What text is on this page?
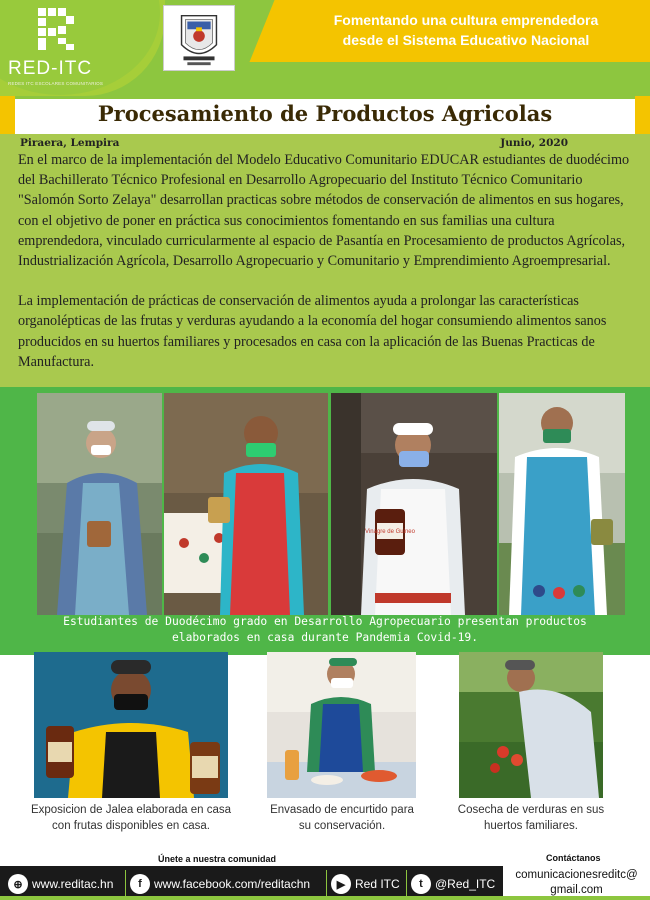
RED-ITC
REDES ITC ESCOLARES COMUNITARIOS
Fomentando una cultura emprendedora
desde el Sistema Educativo Nacional
Procesamiento de Productos Agricolas
Piraera, Lempira	Junio, 2020

En el marco de la implementación del Modelo Educativo Comunitario EDUCAR estudiantes de duodécimo del Bachillerato Técnico Profesional en Desarrollo Agropecuario del Instituto Técnico Comunitario "Salomón Sorto Zelaya" desarrollan practicas sobre métodos de conservación de alimentos en sus hogares, con el objetivo de poner en práctica sus conocimientos fomentando en sus familias una cultura emprendedora, vinculado curricularmente al espacio de Pasantía en Procesamiento de productos Agrícolas, Industrialización Agrícola, Desarrollo Agropecuario y Comunitario y Emprendimiento Agroempresarial.

La implementación de prácticas de conservación de alimentos ayuda a prolongar las características organolépticas de las frutas y verduras ayudando a la economía del hogar consumiendo alimentos sanos producidos en su huertos familiares y procesados en casa con la aplicación de las Buenas Practicas de Manufactura.

Vinagre de Guineo
Estudiantes de Duodécimo grado en Desarrollo Agropecuario presentan productos
elaborados en casa durante Pandemia Covid-19.
Exposicion de Jalea elaborada en casa
con frutas disponibles en casa.
Envasado de encurtido para
su conservación.
Cosecha de verduras en sus
huertos familiares.
Únete a nuestra comunidad	Contáctanos
⊕ www.reditac.hn	f	www.facebook.com/reditachn	▶ Red ITC	t	@Red_ITC
comunicacionesreditc@
gmail.com
